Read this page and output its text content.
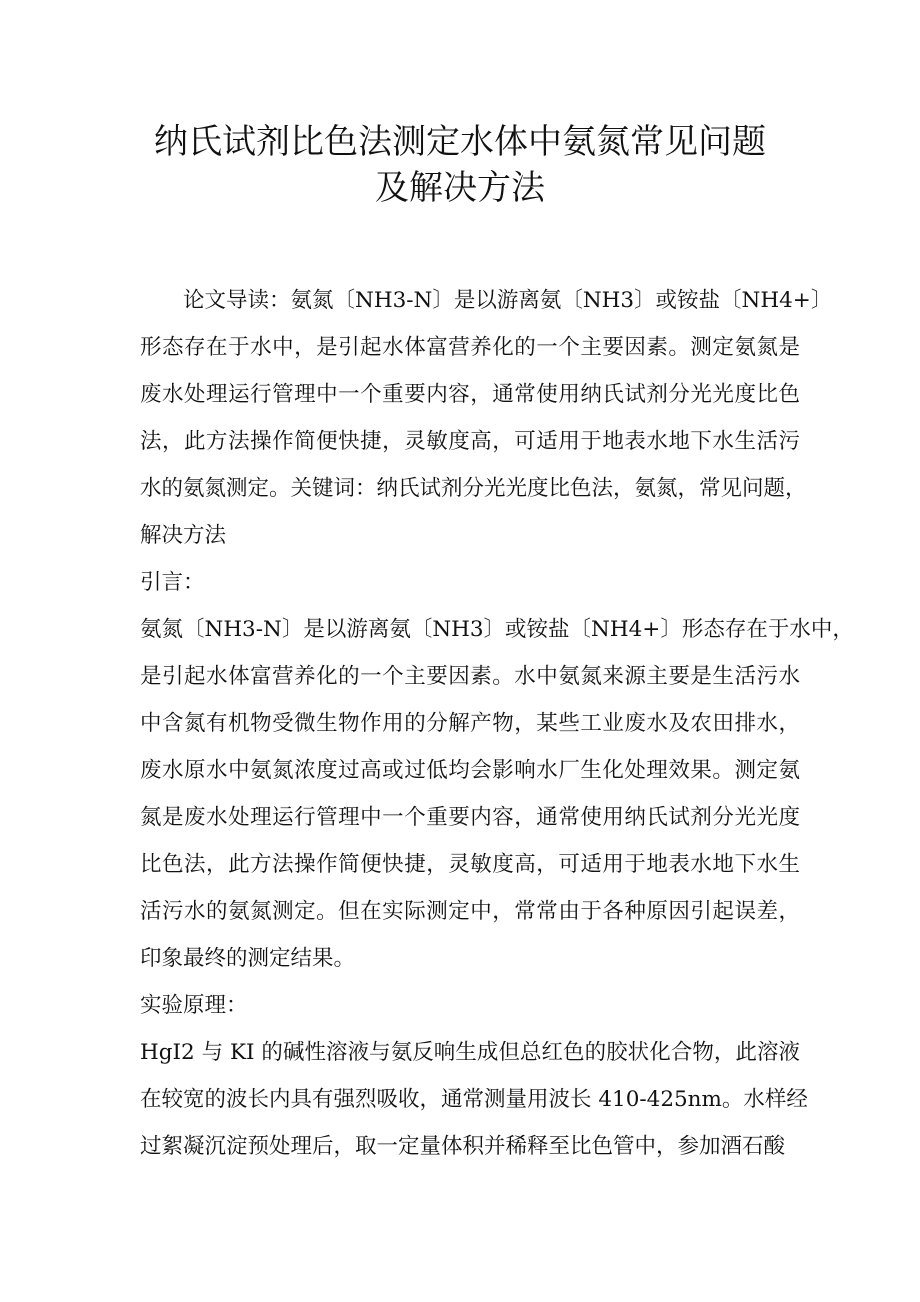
纳氏试剂比色法测定水体中氨氮常见问题
及解决方法
论文导读：氨氮〔NH3-N〕是以游离氨〔NH3〕或铵盐〔NH4+〕
形态存在于水中，是引起水体富营养化的一个主要因素。测定氨氮是
废水处理运行管理中一个重要内容，通常使用纳氏试剂分光光度比色
法，此方法操作简便快捷，灵敏度高，可适用于地表水地下水生活污
水的氨氮测定。关键词：纳氏试剂分光光度比色法，氨氮，常见问题，
解决方法
引言：
氨氮〔NH3-N〕是以游离氨〔NH3〕或铵盐〔NH4+〕形态存在于水中，
是引起水体富营养化的一个主要因素。水中氨氮来源主要是生活污水
中含氮有机物受微生物作用的分解产物，某些工业废水及农田排水，
废水原水中氨氮浓度过高或过低均会影响水厂生化处理效果。测定氨
氮是废水处理运行管理中一个重要内容，通常使用纳氏试剂分光光度
比色法，此方法操作简便快捷，灵敏度高，可适用于地表水地下水生
活污水的氨氮测定。但在实际测定中，常常由于各种原因引起误差，
印象最终的测定结果。
实验原理：
HgI2 与 KI 的碱性溶液与氨反响生成但总红色的胶状化合物，此溶液
在较宽的波长内具有强烈吸收，通常测量用波长 410-425nm。水样经
过絮凝沉淀预处理后，取一定量体积并稀释至比色管中，参加酒石酸
